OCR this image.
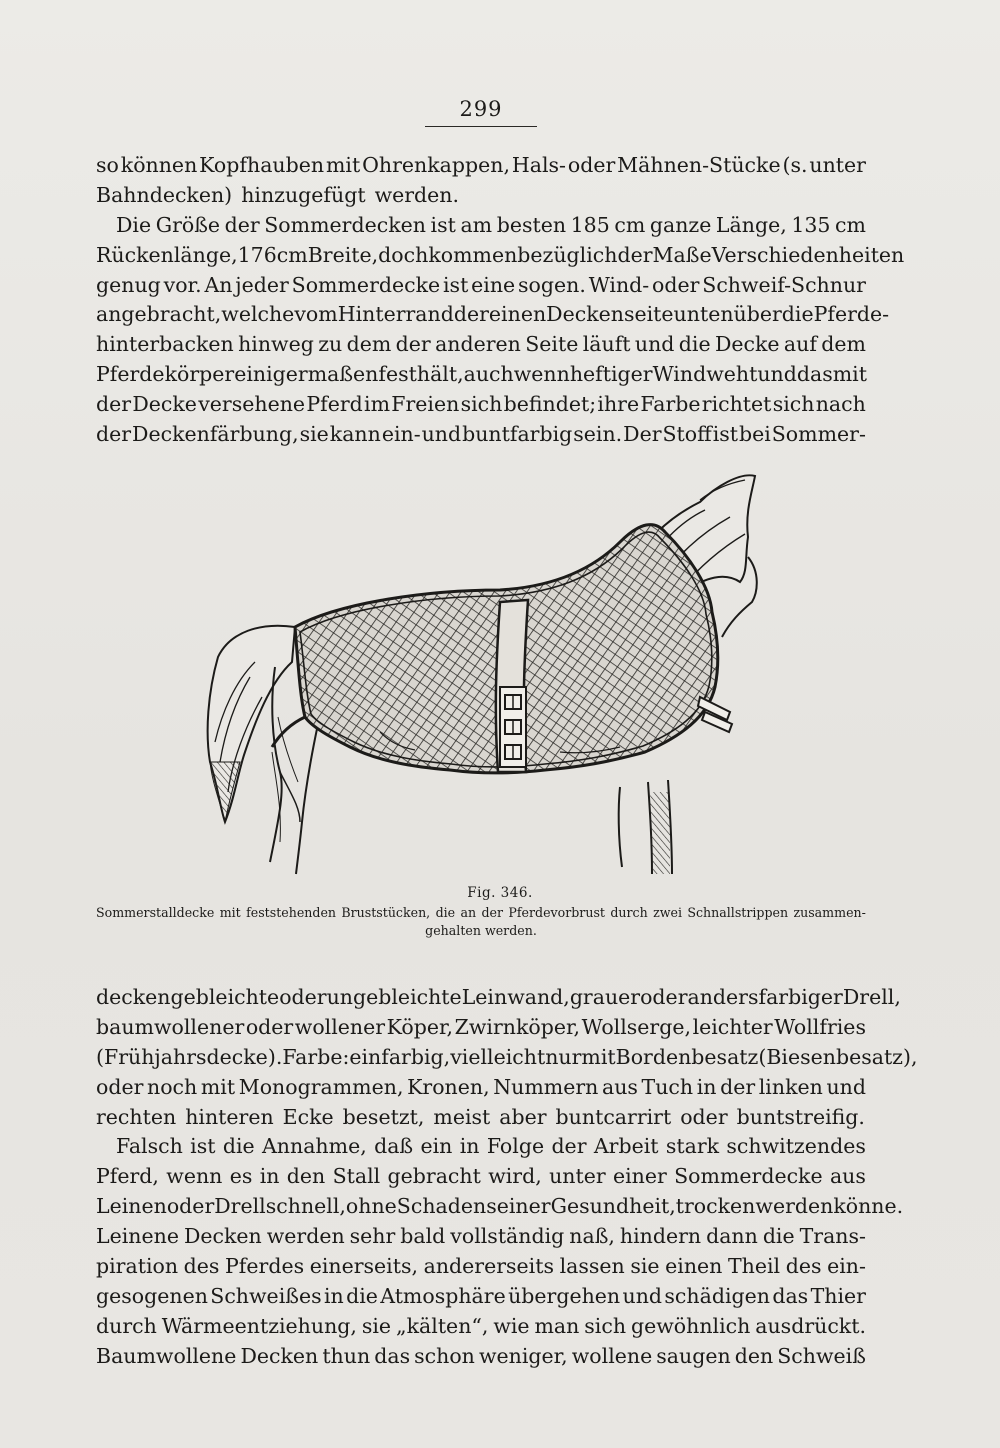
299

so können Kopfhauben mit Ohrenkappen, Hals- oder Mähnen-Stücke (s. unter
Bahndecken) hinzugefügt werden.
Die Größe der Sommerdecken ist am besten 185 cm ganze Länge, 135 cm
Rückenlänge, 176 cm Breite, doch kommen bezüglich der Maße Verschiedenheiten
genug vor. An jeder Sommerdecke ist eine sogen. Wind- oder Schweif-Schnur
angebracht, welche vom Hinterrand der einen Deckenseite unten über die Pferde-
hinterbacken hinweg zu dem der anderen Seite läuft und die Decke auf dem
Pferdekörper einigermaßen festhält, auch wenn heftiger Wind weht und das mit
der Decke versehene Pferd im Freien sich befindet; ihre Farbe richtet sich nach
der Deckenfärbung, sie kann ein- und buntfarbig sein. Der Stoff ist bei Sommer-

Fig. 346.

Sommerstalldecke mit feststehenden Bruststücken, die an der Pferdevorbrust durch zwei Schnallstrippen zusammen-
gehalten werden.
decken gebleichte oder ungebleichte Leinwand, grauer oder andersfarbiger Drell,
baumwollener oder wollener Köper, Zwirnköper, Wollserge, leichter Wollfries
(Frühjahrsdecke). Farbe: einfarbig, vielleicht nur mit Bordenbesatz (Biesenbesatz),
oder noch mit Monogrammen, Kronen, Nummern aus Tuch in der linken und
rechten hinteren Ecke besetzt, meist aber buntcarrirt oder buntstreifig.
Falsch ist die Annahme, daß ein in Folge der Arbeit stark schwitzendes
Pferd, wenn es in den Stall gebracht wird, unter einer Sommerdecke aus
Leinen oder Drell schnell, ohne Schaden seiner Gesundheit, trocken werden könne.
Leinene Decken werden sehr bald vollständig naß, hindern dann die Trans-
piration des Pferdes einerseits, andererseits lassen sie einen Theil des ein-
gesogenen Schweißes in die Atmosphäre übergehen und schädigen das Thier
durch Wärmeentziehung, sie „kälten“, wie man sich gewöhnlich ausdrückt.
Baumwollene Decken thun das schon weniger, wollene saugen den Schweiß
